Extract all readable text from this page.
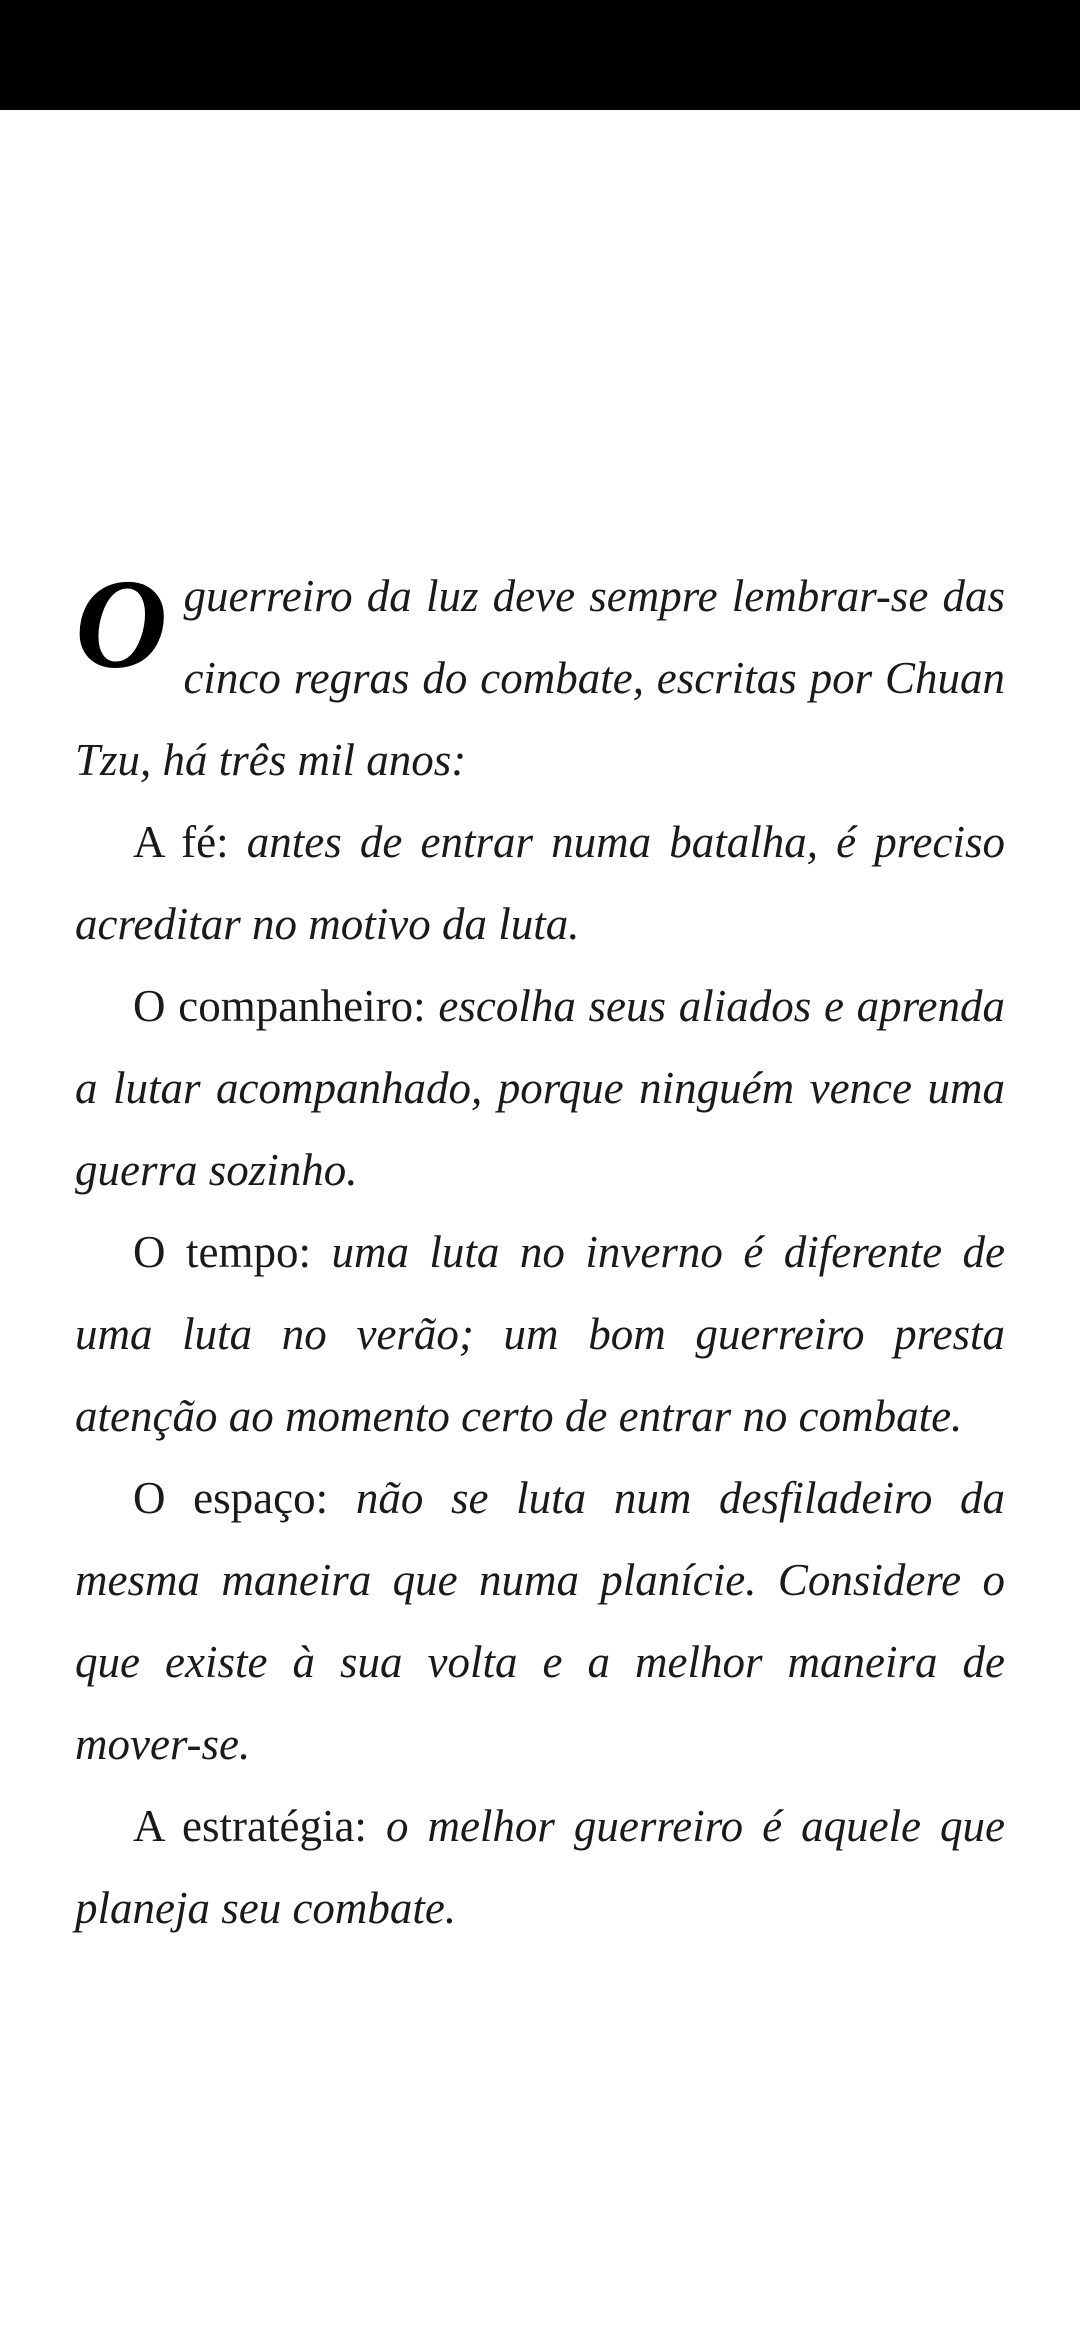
O guerreiro da luz deve sempre lembrar-se das cinco regras do combate, escritas por Chuan Tzu, há três mil anos:

A fé: antes de entrar numa batalha, é preciso acreditar no motivo da luta.

O companheiro: escolha seus aliados e aprenda a lutar acompanhado, porque ninguém vence uma guerra sozinho.

O tempo: uma luta no inverno é diferente de uma luta no verão; um bom guerreiro presta atenção ao momento certo de entrar no combate.

O espaço: não se luta num desfiladeiro da mesma maneira que numa planície. Considere o que existe à sua volta e a melhor maneira de mover-se.

A estratégia: o melhor guerreiro é aquele que planeja seu combate.
